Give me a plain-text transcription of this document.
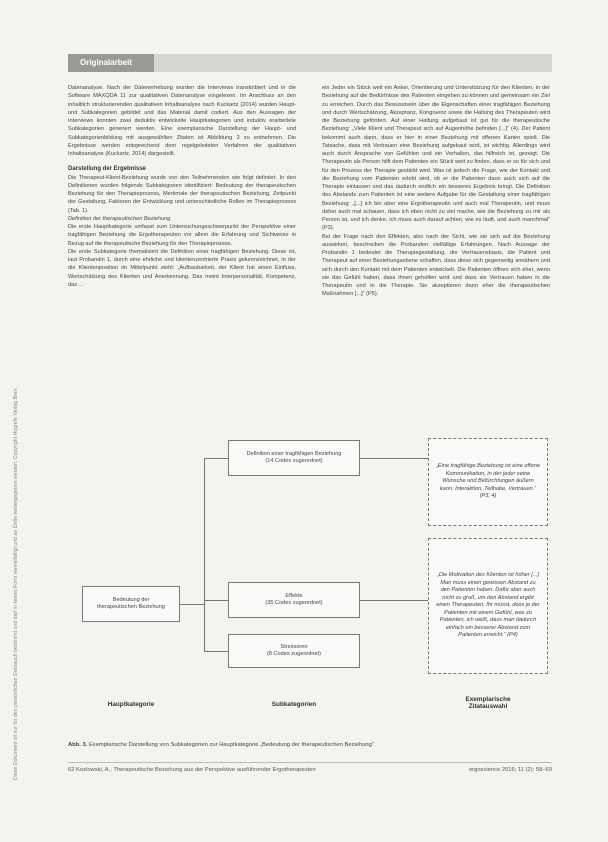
Diese Dokument ist nur für den persönlichen Gebrauch bestimmt und darf in keiner Form vervielfältigt und an Dritte weitergegeben werden. Copyright Hogrefe Verlag Bern.
Originalarbeit

Datenanalyse. Nach der Datenerhebung wurden die Interviews transkribiert und in die Software MAXQDA 11 zur qualitativen Datenanalyse eingelesen. Im Anschluss an den inhaltlich strukturierenden qualitativen Inhaltsanalyse nach Kuckartz (2014) wurden Haupt- und Subkategorien gebildet und das Material damit codiert. Aus den Aussagen der Interviews konnten zwei deduktiv entwickelte Hauptkategorien und induktiv erarbeitete Subkategorien generiert werden. Eine exemplarische Darstellung der Haupt- und Subkategorienbildung mit ausgewählten Zitaten ist Abbildung 3 zu entnehmen. Die Ergebnisse werden entsprechend dem regelgeleiteten Verfahren der qualitativen Inhaltsanalyse (Kuckartz, 2014) dargestellt.

Darstellung der Ergebnisse

Die Therapeut-Klient-Beziehung wurde von den Teilnehmenden wie folgt definiert. In den Definitionen wurden folgende Subkategorien identifiziert: Bedeutung der therapeutischen Beziehung für den Therapieprozess, Merkmale der therapeutischen Beziehung, Zeitpunkt der Gestaltung, Faktoren der Entwicklung und unterschiedliche Rollen im Therapieprozess (Tab. 1).

Definition der therapeutischen Beziehung

Die erste Hauptkategorie umfasst zum Untersuchungsschwerpunkt der Perspektive einer tragfähigen Beziehung die Ergotherapeuten vor allem die Erfahrung und Sichtweise in Bezug auf die therapeutische Beziehung für den Therapieprozess.

Die erste Subkategorie thematisiert die Definition einer tragfähigen Beziehung. Diese ist, laut Probandin 1, durch eine ehrliche und klientenzentrierte Praxis gekennzeichnet, in der die Klientenposition im Mittelpunkt steht: „Aufbaubarkeit, der Klient hat einen Einfluss, Wertschätzung des Klienten und Anerkennung. Das meint Interpersonalität, Kompetenz, das ...

ein Jeder ein Stück weit ein Anker, Orientierung und Unterstützung für den Klienten, in der Beziehung auf die Bedürfnisse des Patienten eingehen zu können und gemeinsam ein Ziel zu erreichen. Durch das Bewusstsein über die Eigenschaften einer tragfähigen Beziehung und durch Wertschätzung, Akzeptanz, Kongruenz sowie die Haltung des Therapeuten wird die Beziehung gefördert. Auf einer Haltung aufgebaut ist gut für die therapeutische Beziehung: „Viele Klient und Therapeut sich auf Augenhöhe befinden [...]“ (4). Der Patient bekommt auch dann, dass er hier in einer Beziehung mit offenen Karten spielt. Die Tatsache, dass mit Vertrauen eine Beziehung aufgebaut wird, ist wichtig. Allerdings wird auch durch Ansprache von Gefühlen und ein Verhalten, das hilfreich ist, gezeigt. Die Therapeutin als Person hilft dem Patienten ein Stück weit zu finden, dass er so für sich und für den Prozess der Therapie gestärkt wird. Was ist jedoch die Frage, wie der Kontakt und die Beziehung vom Patienten erlebt wird, ob er die Patienten dann auch sich auf die Therapie einlassen und das dadurch endlich ein besseres Ergebnis bringt. Die Definition des Abstands zum Patienten ist eine weitere Aufgabe für die Gestaltung einer tragfähigen Beziehung: „[...] ich bin aber eine Ergotherapeutin und auch mal Therapeutin, und muss daher auch mal schauen, dass ich eben nicht zu viel mache, wie die Beziehung zu mir als Person ist, und ich denke, ich muss auch darauf achten, wie es läuft, und auch manchmal“ (P3).

Bei der Frage nach den Effekten, also nach der Sicht, wie sie sich auf die Beziehung auswirken, beschreiben die Probanden vielfältige Erfahrungen. Nach Aussage der Probandin 1 bedeutet die Therapiegestaltung, die Vertrauensbasis, die Patient und Therapeut auf einer Beziehungsebene schaffen, dass diese sich gegenseitig annähern und sich durch den Kontakt mit dem Patienten entwickelt. Die Patienten öffnen sich eher, wenn sie das Gefühl haben, dass ihnen geholfen wird und dass sie Vertrauen haben in die Therapeutin und in die Therapie. Sie akzeptieren dann eher die therapeutischen Maßnahmen [...]“ (P5).

Definition einer tragfähigen Beziehung
(14 Codes zugeordnet)
Bedeutung der
therapeutischen Beziehung
Effekte
(35 Codes zugeordnet)
Stressoren
(8 Codes zugeordnet)
„Eine tragfähige Beziehung ist eine offene Kommunikation, in der jeder seine Wünsche und Befürchtungen äußern kann. Interaktion, Teilhabe, Vertrauen.“ (P3, 4)
„Die Motivation des Klienten ist höher [...] Man muss einen gewissen Abstand zu den Patienten haben. Dafür aber auch nicht zu groß, um den Abstand ergibt einen Therapeuten. Ihr müsst, dass je der Patienten mit einem Gefühl, was zu Patienten, ich weiß, dass man dadurch einfach ein besserer Abstand zum Patienten erreicht.“ (P4)
Hauptkategorie	Subkategorien
Exemplarische
Zitatauswahl
Abb. 3. Exemplarische Darstellung von Subkategorien zur Hauptkategorie „Bedeutung der therapeutischen Beziehung“
62 Kozlowski, A., Therapeutische Beziehung aus der Perspektive ausführender Ergotherapeuten	ergoscience 2016; 11 (2): 58–69
